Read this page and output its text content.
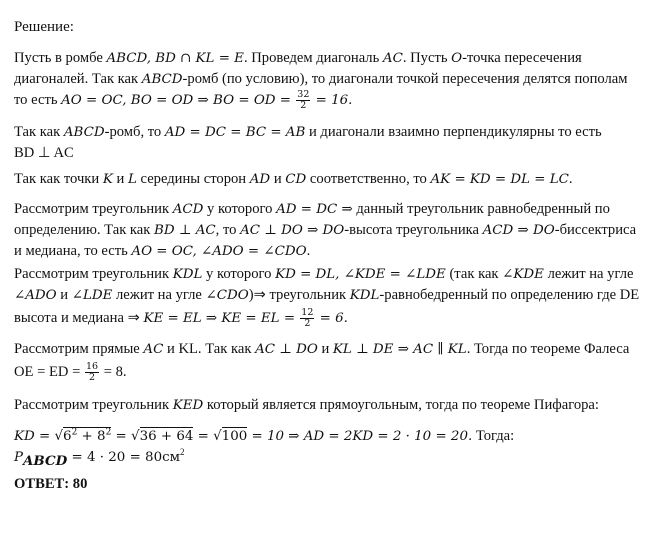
Решение:
Пусть в ромбе ABCD, BD ∩ KL = E. Проведем диагональ AC. Пусть O-точка пересечения
диагоналей. Так как ABCD-ромб (по условию), то диагонали точкой пересечения делятся пополам
то есть AO = OC, BO = OD ⇒ BO = OD = $\frac{32}{2} = 16$.
Так как ABCD-ромб, то AD = DC = BC = AB и диагонали взаимно перпендикулярны то есть
BD ⊥ AC
Так как точки K и L середины сторон AD и CD соответственно, то AK = KD = DL = LC.
Рассмотрим треугольник ACD у которого AD = DC ⇒ данный треугольник равнобедренный по
определению. Так как BD ⊥ AC, то AC ⊥ DO ⇒ DO-высота треугольника ACD ⇒ DO-биссектриса
и медиана, то есть AO = OC, ∠ADO = ∠CDO.
Рассмотрим треугольник KDL у которого KD = DL, ∠KDE = ∠LDE (так как ∠KDE лежит на угле
∠ADO и ∠LDE лежит на угле ∠CDO)⇒ треугольник KDL-равнобедренный по определению где DE
высота и медиана ⇒ KE = EL ⇒ KE = EL = $\frac{12}{2} = 6$.
Рассмотрим прямые AC и KL. Так как AC ⊥ DO и KL ⊥ DE ⇒ AC ∥ KL. Тогда по теореме Фалеса
OE = ED = $\frac{16}{2} = 8$.
Рассмотрим треугольник KED который является прямоугольным, тогда по теореме Пифагора:
KD = $√6^2 + 8^2 = √36 + 64 = √100 = 10$ ⇒ AD = 2KD = 2 · 10 = 20. Тогда:
$P_{ABCD} = 4 \cdot 20 = 80см^2$
ОТВЕТ: 80
